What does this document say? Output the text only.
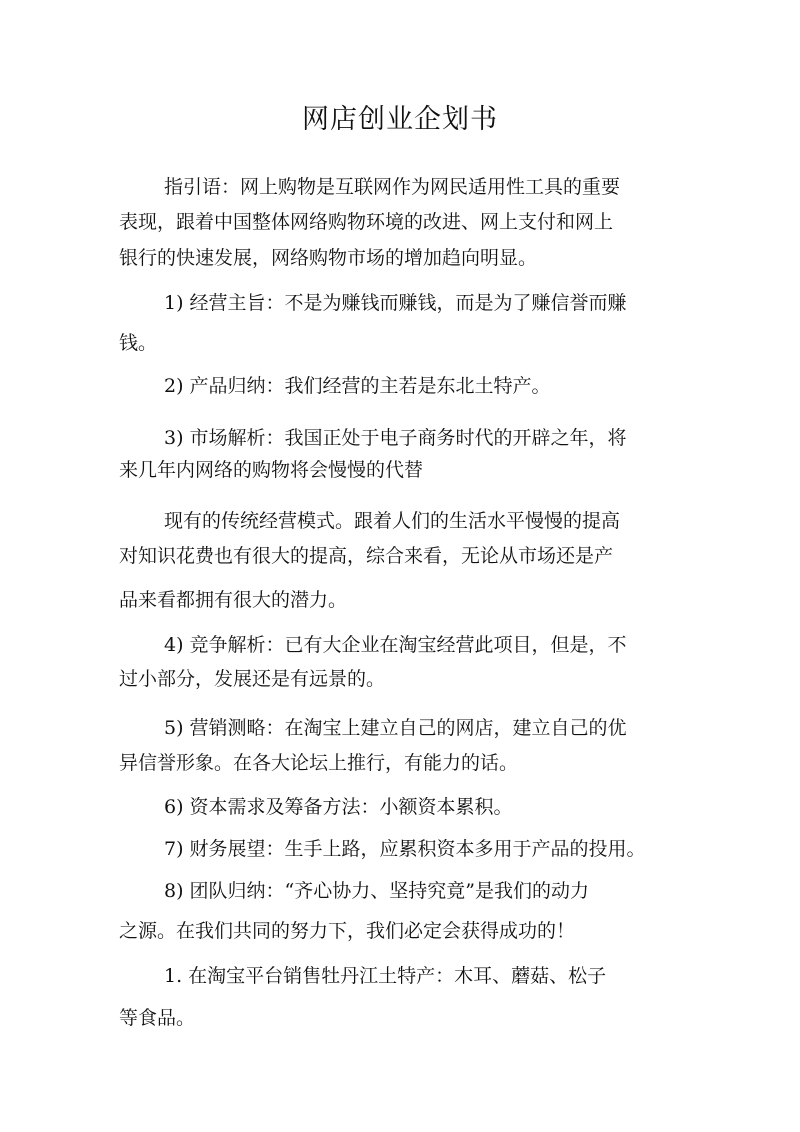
网店创业企划书

指引语：网上购物是互联网作为网民适用性工具的重要

表现，跟着中国整体网络购物环境的改进、网上支付和网上

银行的快速发展，网络购物市场的增加趋向明显。

1) 经营主旨：不是为赚钱而赚钱，而是为了赚信誉而赚

钱。

2) 产品归纳：我们经营的主若是东北土特产。

3) 市场解析：我国正处于电子商务时代的开辟之年，将

来几年内网络的购物将会慢慢的代替

现有的传统经营模式。跟着人们的生活水平慢慢的提高

对知识花费也有很大的提高，综合来看，无论从市场还是产

品来看都拥有很大的潜力。

4) 竞争解析：已有大企业在淘宝经营此项目，但是，不

过小部分，发展还是有远景的。

5) 营销测略：在淘宝上建立自己的网店，建立自己的优

异信誉形象。在各大论坛上推行，有能力的话。

6) 资本需求及筹备方法：小额资本累积。

7) 财务展望：生手上路，应累积资本多用于产品的投用。

8) 团队归纳：“齐心协力、坚持究竟”是我们的动力

之源。在我们共同的努力下，我们必定会获得成功的！

1. 在淘宝平台销售牡丹江土特产：木耳、蘑菇、松子

等食品。
